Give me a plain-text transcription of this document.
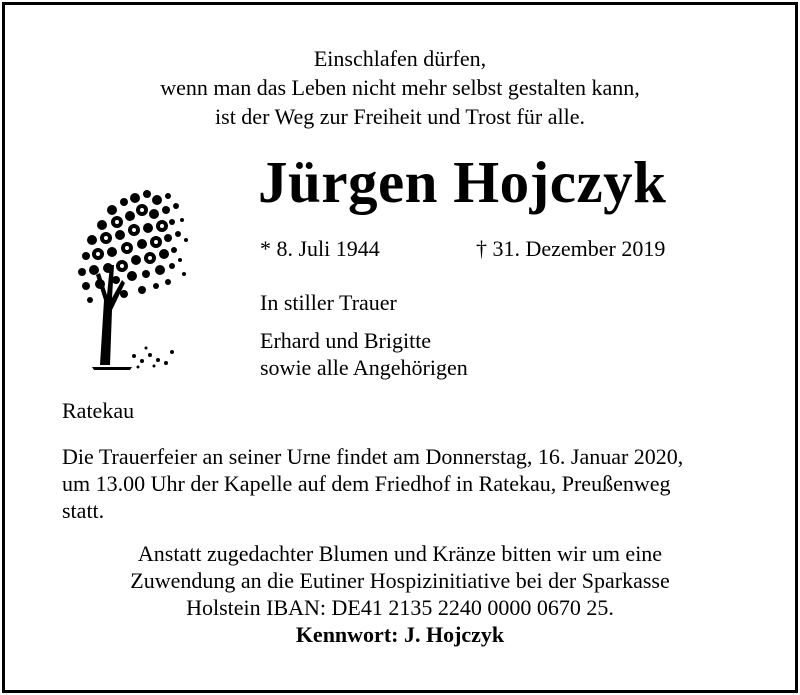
Einschlafen dürfen,
wenn man das Leben nicht mehr selbst gestalten kann,
ist der Weg zur Freiheit und Trost für alle.
Jürgen Hojczyk
* 8. Juli 1944	† 31. Dezember 2019
In stiller Trauer
Erhard und Brigitte
sowie alle Angehörigen
Ratekau
Die Trauerfeier an seiner Urne findet am Donnerstag, 16. Januar 2020,
um 13.00 Uhr der Kapelle auf dem Friedhof in Ratekau, Preußenweg
statt.
Anstatt zugedachter Blumen und Kränze bitten wir um eine
Zuwendung an die Eutiner Hospizinitiative bei der Sparkasse
Holstein IBAN: DE41 2135 2240 0000 0670 25.
Kennwort: J. Hojczyk
